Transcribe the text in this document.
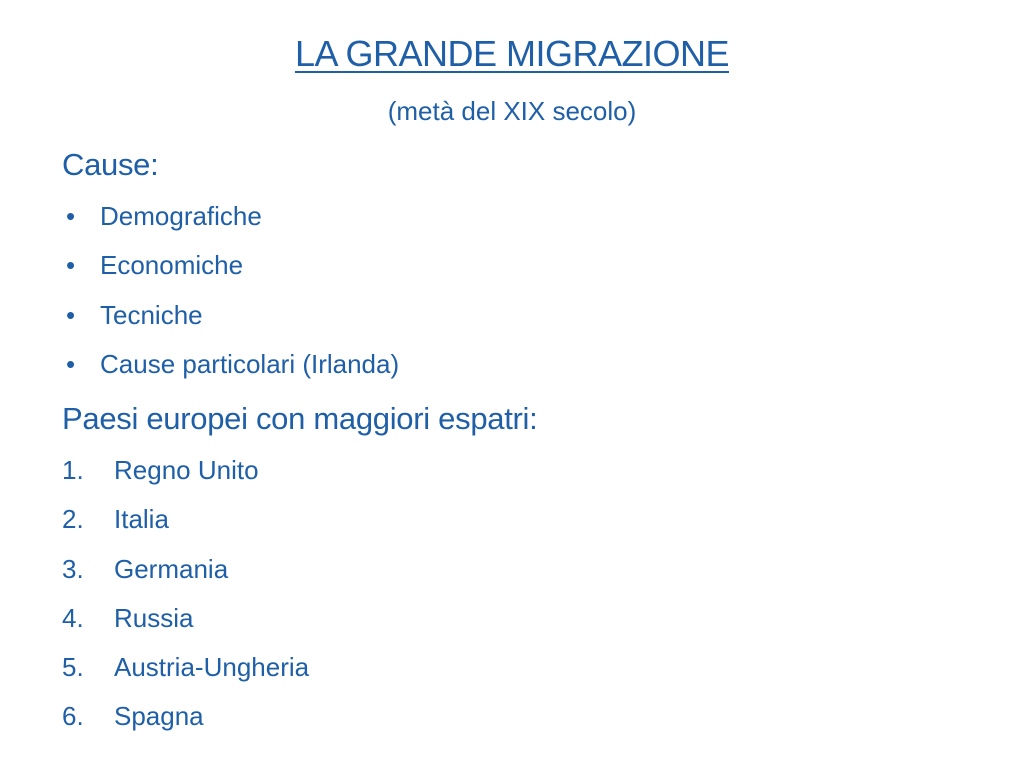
LA GRANDE MIGRAZIONE
(metà del XIX secolo)
Cause:
• Demografiche
• Economiche
• Tecniche
• Cause particolari (Irlanda)
Paesi europei con maggiori espatri:
1.	Regno Unito
2.	Italia
3.	Germania
4.	Russia
5.	Austria-Ungheria
6.	Spagna
